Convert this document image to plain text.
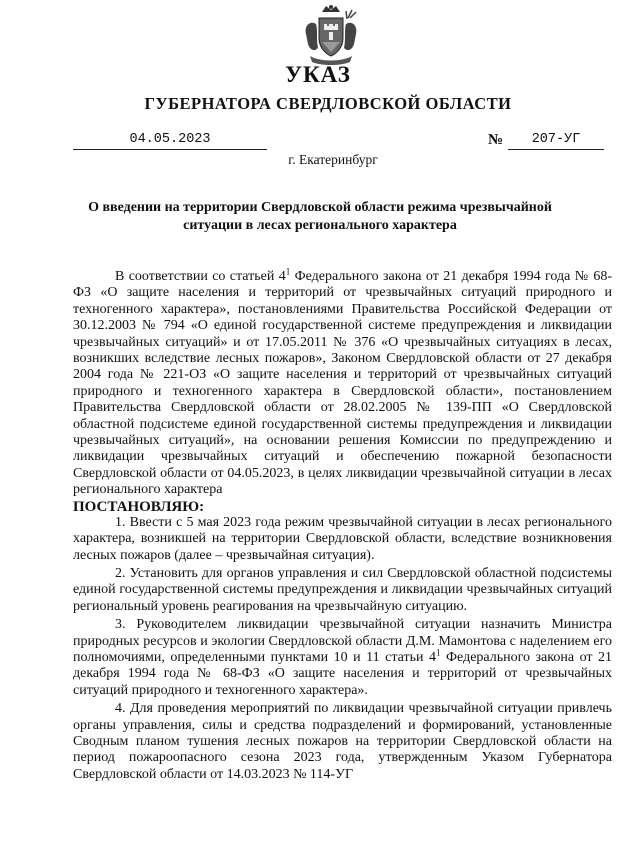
УКАЗ
ГУБЕРНАТОРА СВЕРДЛОВСКОЙ ОБЛАСТИ
04.05.2023	№	207-УГ
г. Екатеринбург
О введении на территории Свердловской области режима чрезвычайной ситуации в лесах регионального характера

В соответствии со статьей $4^1$ Федерального закона от 21 декабря 1994 года № 68-ФЗ «О защите населения и территорий от чрезвычайных ситуаций природного и техногенного характера», постановлениями Правительства Российской Федерации от 30.12.2003 № 794 «О единой государственной системе предупреждения и ликвидации чрезвычайных ситуаций» и от 17.05.2011 № 376 «О чрезвычайных ситуациях в лесах, возникших вследствие лесных пожаров», Законом Свердловской области от 27 декабря 2004 года № 221-ОЗ «О защите населения и территорий от чрезвычайных ситуаций природного и техногенного характера в Свердловской области», постановлением Правительства Свердловской области от 28.02.2005 № 139-ПП «О Свердловской областной подсистеме единой государственной системы предупреждения и ликвидации чрезвычайных ситуаций», на основании решения Комиссии по предупреждению и ликвидации чрезвычайных ситуаций и обеспечению пожарной безопасности Свердловской области от 04.05.2023, в целях ликвидации чрезвычайной ситуации в лесах регионального характера

ПОСТАНОВЛЯЮ:

1. Ввести с 5 мая 2023 года режим чрезвычайной ситуации в лесах регионального характера, возникшей на территории Свердловской области, вследствие возникновения лесных пожаров (далее – чрезвычайная ситуация).

2. Установить для органов управления и сил Свердловской областной подсистемы единой государственной системы предупреждения и ликвидации чрезвычайных ситуаций региональный уровень реагирования на чрезвычайную ситуацию.

3. Руководителем ликвидации чрезвычайной ситуации назначить Министра природных ресурсов и экологии Свердловской области Д.М. Мамонтова с наделением его полномочиями, определенными пунктами 10 и 11 статьи $4^1$ Федерального закона от 21 декабря 1994 года № 68-ФЗ «О защите населения и территорий от чрезвычайных ситуаций природного и техногенного характера».

4. Для проведения мероприятий по ликвидации чрезвычайной ситуации привлечь органы управления, силы и средства подразделений и формирований, установленные Сводным планом тушения лесных пожаров на территории Свердловской области на период пожароопасного сезона 2023 года, утвержденным Указом Губернатора Свердловской области от 14.03.2023 № 114-УГ
